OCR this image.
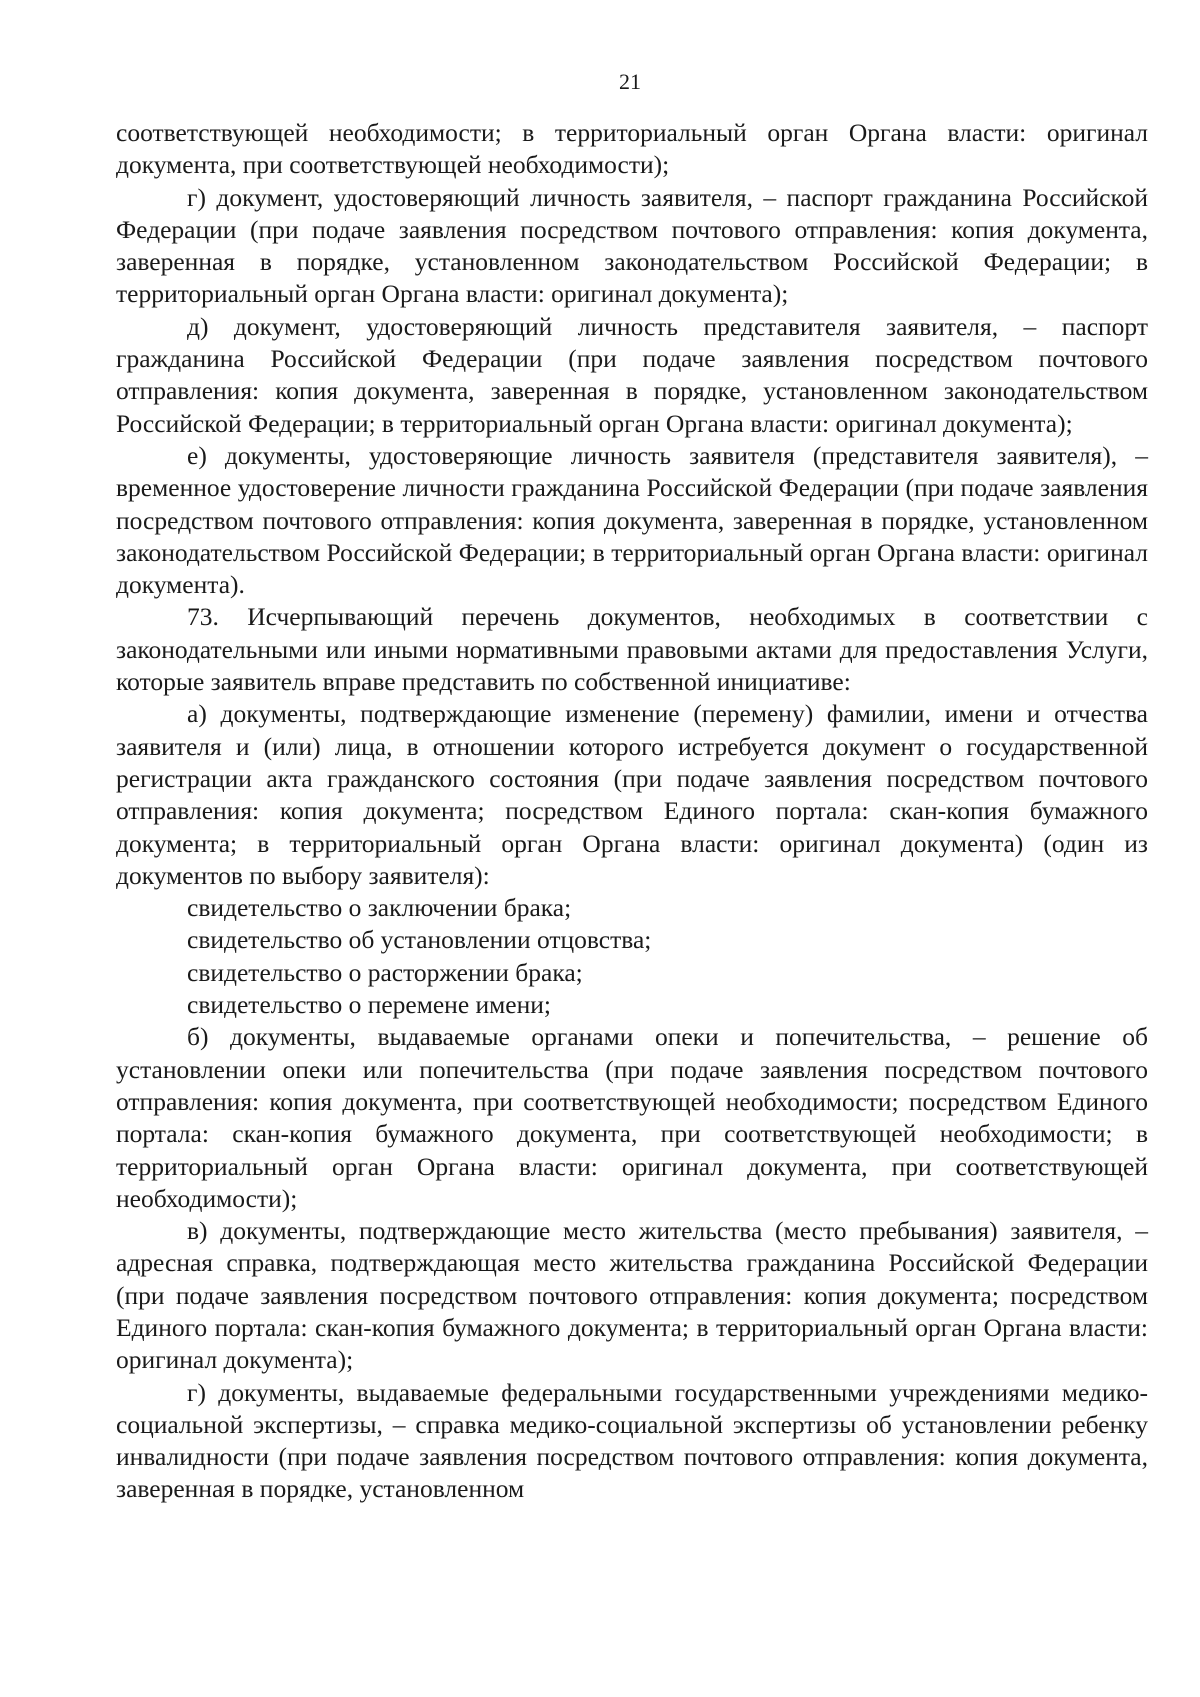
21

соответствующей необходимости; в территориальный орган Органа власти: оригинал документа, при соответствующей необходимости);

г) документ, удостоверяющий личность заявителя, – паспорт гражданина Российской Федерации (при подаче заявления посредством почтового отправления: копия документа, заверенная в порядке, установленном законодательством Российской Федерации; в территориальный орган Органа власти: оригинал документа);

д) документ, удостоверяющий личность представителя заявителя, – паспорт гражданина Российской Федерации (при подаче заявления посредством почтового отправления: копия документа, заверенная в порядке, установленном законодательством Российской Федерации; в территориальный орган Органа власти: оригинал документа);

е) документы, удостоверяющие личность заявителя (представителя заявителя), – временное удостоверение личности гражданина Российской Федерации (при подаче заявления посредством почтового отправления: копия документа, заверенная в порядке, установленном законодательством Российской Федерации; в территориальный орган Органа власти: оригинал документа).

73. Исчерпывающий перечень документов, необходимых в соответствии с законодательными или иными нормативными правовыми актами для предоставления Услуги, которые заявитель вправе представить по собственной инициативе:

а) документы, подтверждающие изменение (перемену) фамилии, имени и отчества заявителя и (или) лица, в отношении которого истребуется документ о государственной регистрации акта гражданского состояния (при подаче заявления посредством почтового отправления: копия документа; посредством Единого портала: скан-копия бумажного документа; в территориальный орган Органа власти: оригинал документа) (один из документов по выбору заявителя):

свидетельство о заключении брака;

свидетельство об установлении отцовства;

свидетельство о расторжении брака;

свидетельство о перемене имени;

б) документы, выдаваемые органами опеки и попечительства, – решение об установлении опеки или попечительства (при подаче заявления посредством почтового отправления: копия документа, при соответствующей необходимости; посредством Единого портала: скан-копия бумажного документа, при соответствующей необходимости; в территориальный орган Органа власти: оригинал документа, при соответствующей необходимости);

в) документы, подтверждающие место жительства (место пребывания) заявителя, – адресная справка, подтверждающая место жительства гражданина Российской Федерации (при подаче заявления посредством почтового отправления: копия документа; посредством Единого портала: скан-копия бумажного документа; в территориальный орган Органа власти: оригинал документа);

г) документы, выдаваемые федеральными государственными учреждениями медико-социальной экспертизы, – справка медико-социальной экспертизы об установлении ребенку инвалидности (при подаче заявления посредством почтового отправления: копия документа, заверенная в порядке, установленном
